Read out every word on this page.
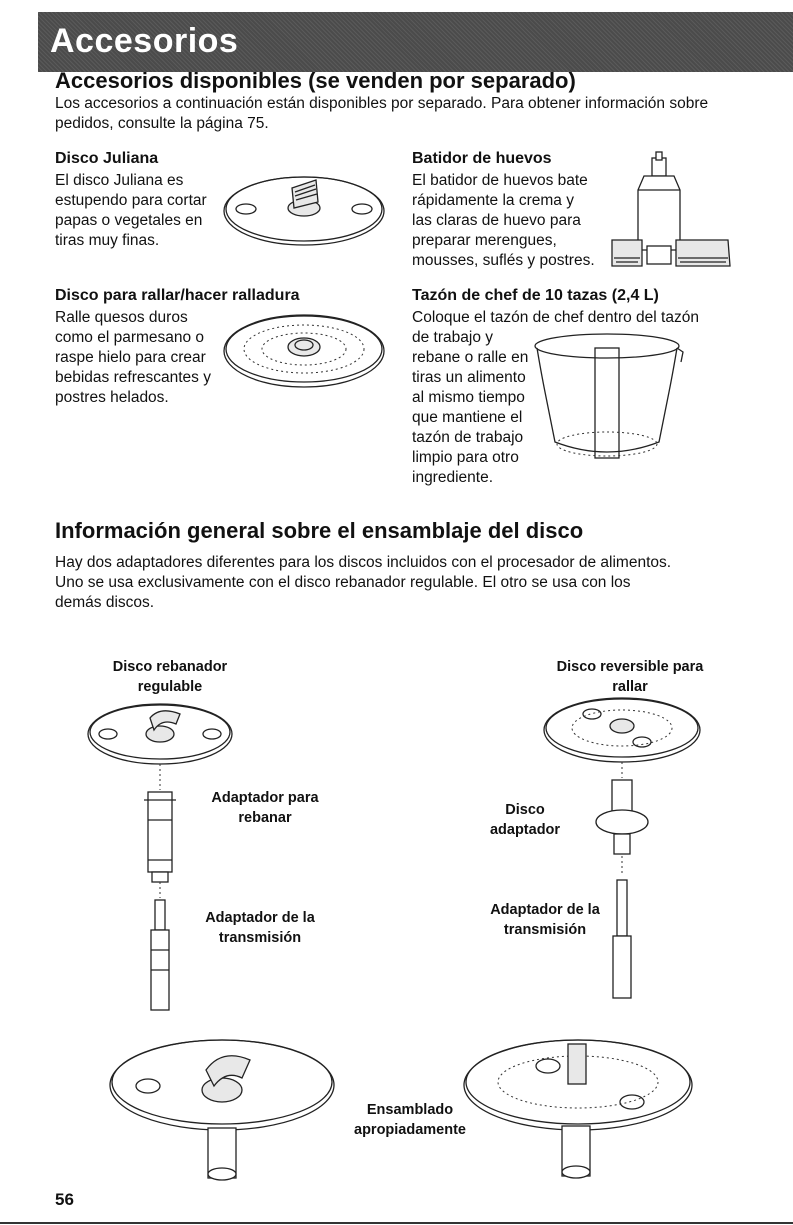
Accesorios
Accesorios disponibles (se venden por separado)
Los accesorios a continuación están disponibles por separado. Para obtener información sobre
pedidos, consulte la página 75.
Disco Juliana
El disco Juliana es
estupendo para cortar
papas o vegetales en
tiras muy finas.
Disco para rallar/hacer ralladura
Ralle quesos duros
como el parmesano o
raspe hielo para crear
bebidas refrescantes y
postres helados.
Batidor de huevos
El batidor de huevos bate
rápidamente la crema y
las claras de huevo para
preparar merengues,
mousses, suflés y postres.
Tazón de chef de 10 tazas (2,4 L)
Coloque el tazón de chef dentro del tazón
de trabajo y
rebane o ralle en
tiras un alimento
al mismo tiempo
que mantiene el
tazón de trabajo
limpio para otro
ingrediente.
Información general sobre el ensamblaje del disco
Hay dos adaptadores diferentes para los discos incluidos con el procesador de alimentos.
Uno se usa exclusivamente con el disco rebanador regulable. El otro se usa con los
demás discos.
Disco rebanador
regulable
Adaptador para
rebanar
Adaptador de la
transmisión
Disco reversible para
rallar
Disco
adaptador
Adaptador de la
transmisión
Ensamblado
apropiadamente
56
